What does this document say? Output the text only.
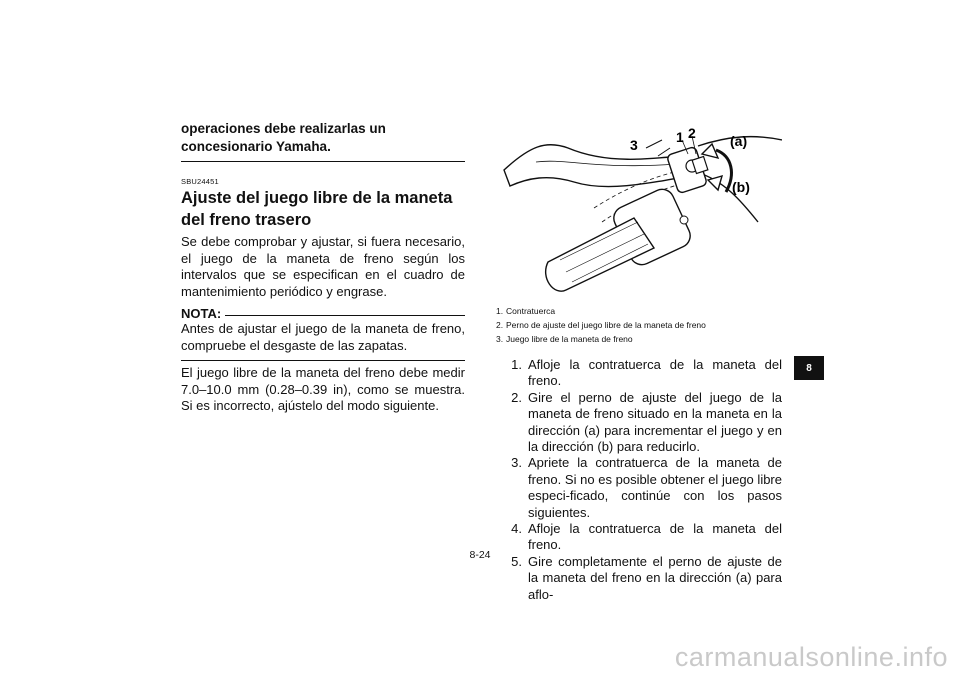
operaciones debe realizarlas un concesionario Yamaha.

SBU24451
Ajuste del juego libre de la maneta del freno trasero

Se debe comprobar y ajustar, si fuera necesario, el juego de la maneta de freno según los intervalos que se especifican en el cuadro de mantenimiento periódico y engrase.

NOTA:

Antes de ajustar el juego de la maneta de freno, compruebe el desgaste de las zapatas.

El juego libre de la maneta del freno debe medir 7.0–10.0 mm (0.28–0.39 in), como se muestra. Si es incorrecto, ajústelo del modo siguiente.

3	1 2 (a)
(b)
1. Contratuerca
2. Perno de ajuste del juego libre de la maneta de freno
3. Juego libre de la maneta de freno
1. Afloje la contratuerca de la maneta del freno.
2. Gire el perno de ajuste del juego de la maneta de freno situado en la maneta en la dirección (a) para incrementar el juego y en la dirección (b) para reducirlo.
3. Apriete la contratuerca de la maneta de freno. Si no es posible obtener el juego libre especi-ficado, continúe con los pasos siguientes.
4. Afloje la contratuerca de la maneta del freno.
5. Gire completamente el perno de ajuste de la maneta del freno en la dirección (a) para aflo-
8
8-24
carmanualsonline.info
